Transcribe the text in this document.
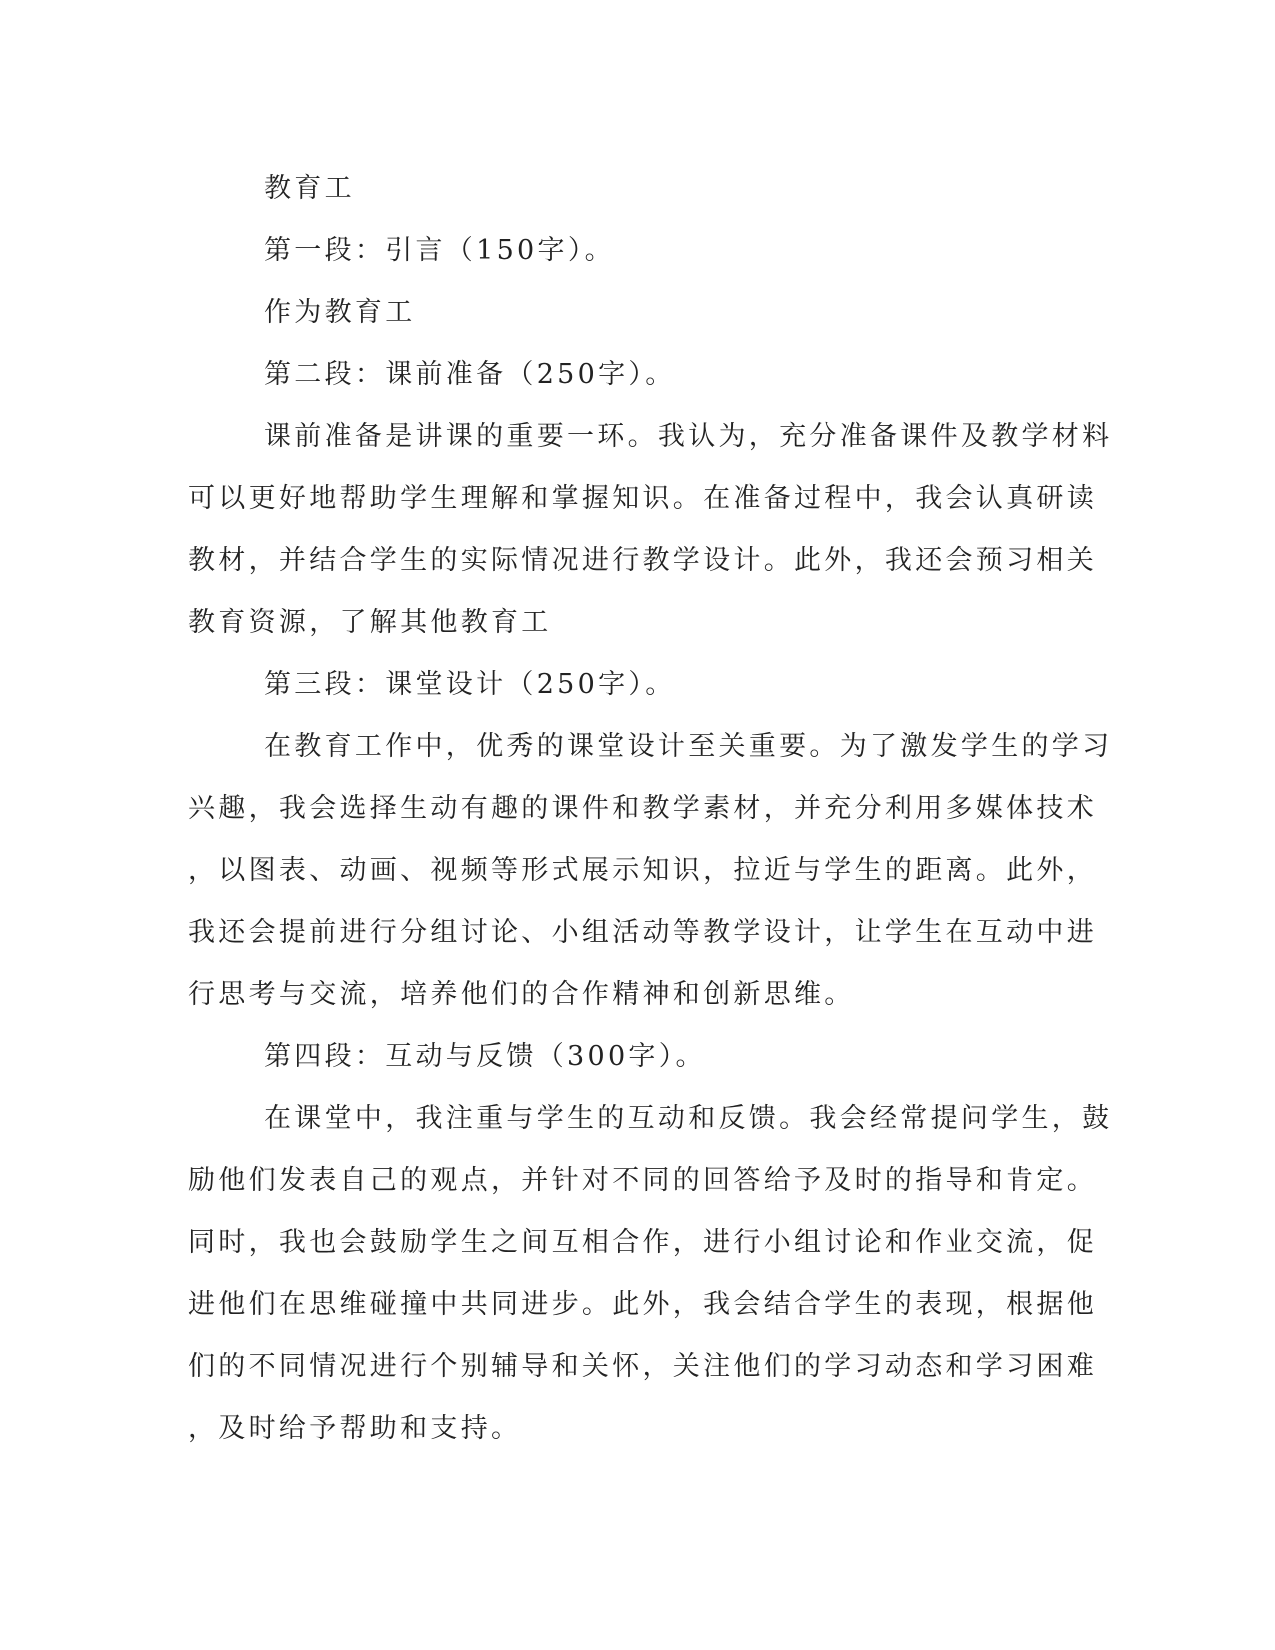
教育工
第一段：引言（150字）。
作为教育工
第二段：课前准备（250字）。
课前准备是讲课的重要一环。我认为，充分准备课件及教学材料
可以更好地帮助学生理解和掌握知识。在准备过程中，我会认真研读
教材，并结合学生的实际情况进行教学设计。此外，我还会预习相关
教育资源，了解其他教育工
第三段：课堂设计（250字）。
在教育工作中，优秀的课堂设计至关重要。为了激发学生的学习
兴趣，我会选择生动有趣的课件和教学素材，并充分利用多媒体技术
，以图表、动画、视频等形式展示知识，拉近与学生的距离。此外，
我还会提前进行分组讨论、小组活动等教学设计，让学生在互动中进
行思考与交流，培养他们的合作精神和创新思维。
第四段：互动与反馈（300字）。
在课堂中，我注重与学生的互动和反馈。我会经常提问学生，鼓
励他们发表自己的观点，并针对不同的回答给予及时的指导和肯定。
同时，我也会鼓励学生之间互相合作，进行小组讨论和作业交流，促
进他们在思维碰撞中共同进步。此外，我会结合学生的表现，根据他
们的不同情况进行个别辅导和关怀，关注他们的学习动态和学习困难
，及时给予帮助和支持。
